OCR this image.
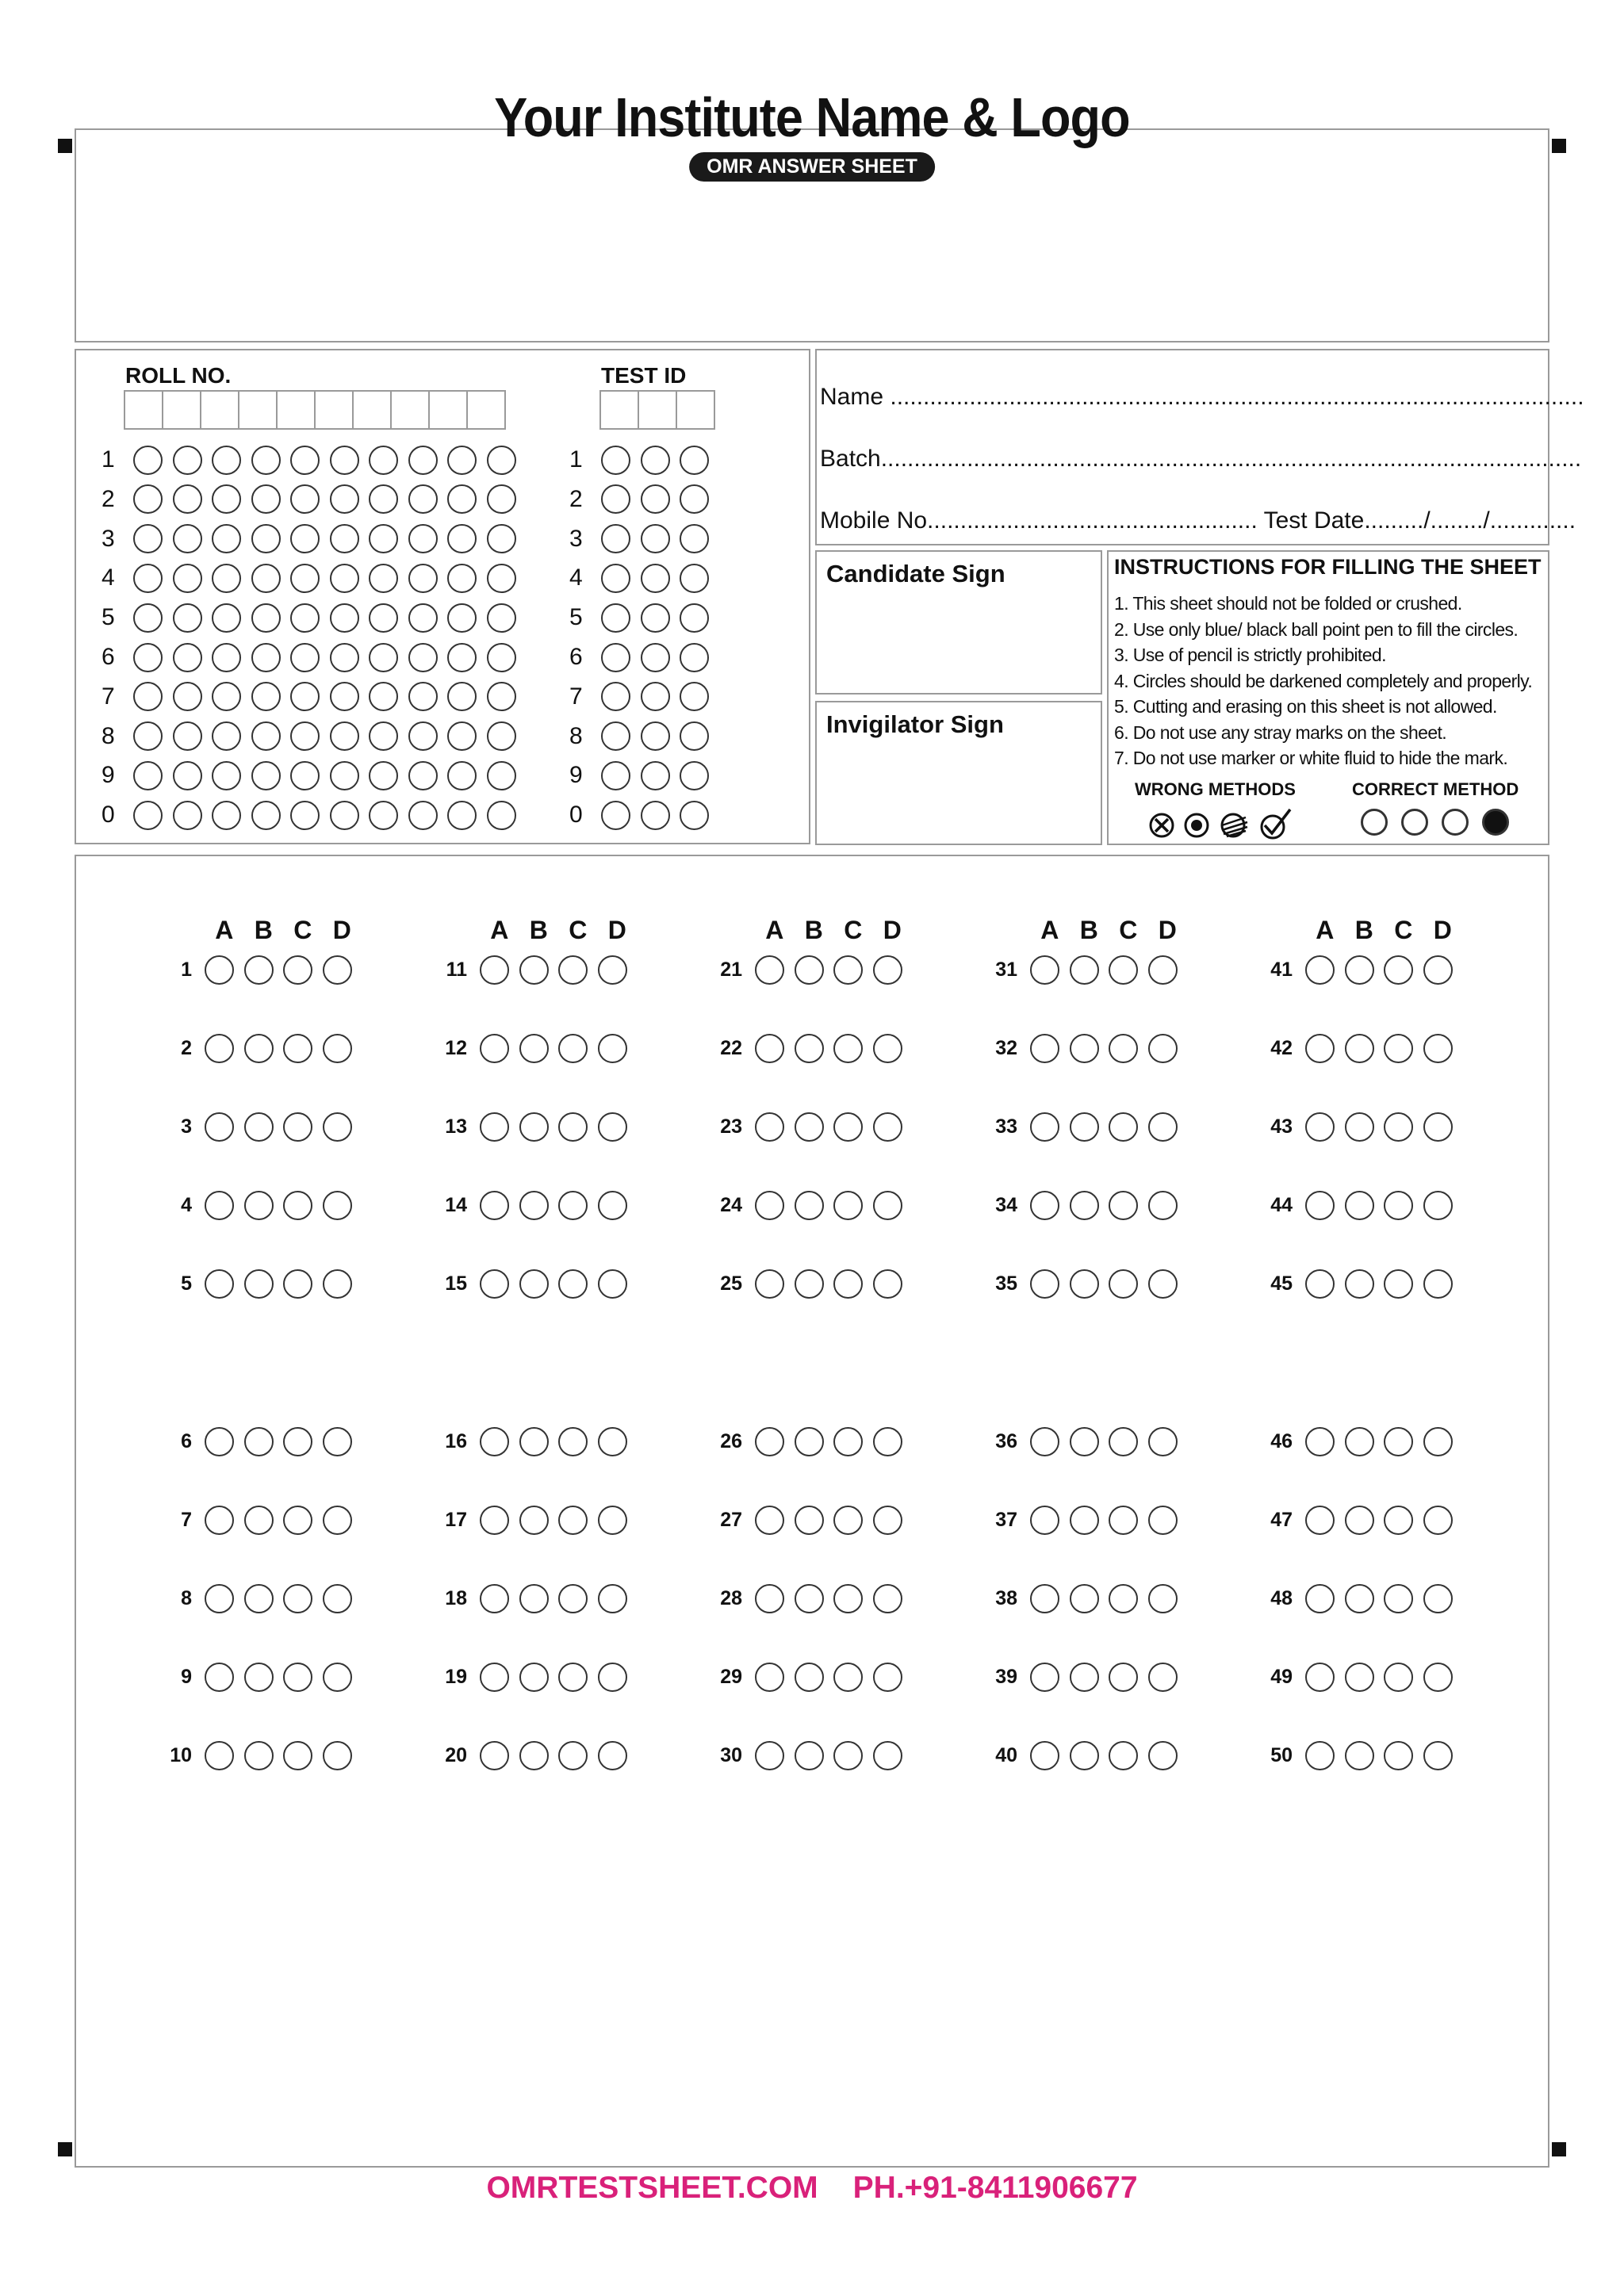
Your Institute Name & Logo
OMR ANSWER SHEET
ROLL NO.	TEST ID
1
2
3
4
5
6
7
8
9
0
1
2
3
4
5
6
7
8
9
0
Name .........................................................................................................
Batch..........................................................................................................
Mobile No.................................................. Test Date........./......../.............
Candidate Sign
Invigilator Sign
INSTRUCTIONS FOR FILLING THE SHEET
1. This sheet should not be folded or crushed.
2. Use only blue/ black ball point pen to fill the circles.
3. Use of pencil is strictly prohibited.
4. Circles should be darkened completely and properly.
5. Cutting and erasing on this sheet is not allowed.
6. Do not use any stray marks on the sheet.
7. Do not use marker or white fluid to hide the mark.
WRONG METHODS	CORRECT METHOD
A B C D
1
2
3
4
5
6
7
8
9
10
A B C D
11
12
13
14
15
16
17
18
19
20
A B C D
21
22
23
24
25
26
27
28
29
30
A B C D
31
32
33
34
35
36
37
38
39
40
A B C D
41
42
43
44
45
46
47
48
49
50
OMRTESTSHEET.COM PH.+91-8411906677
